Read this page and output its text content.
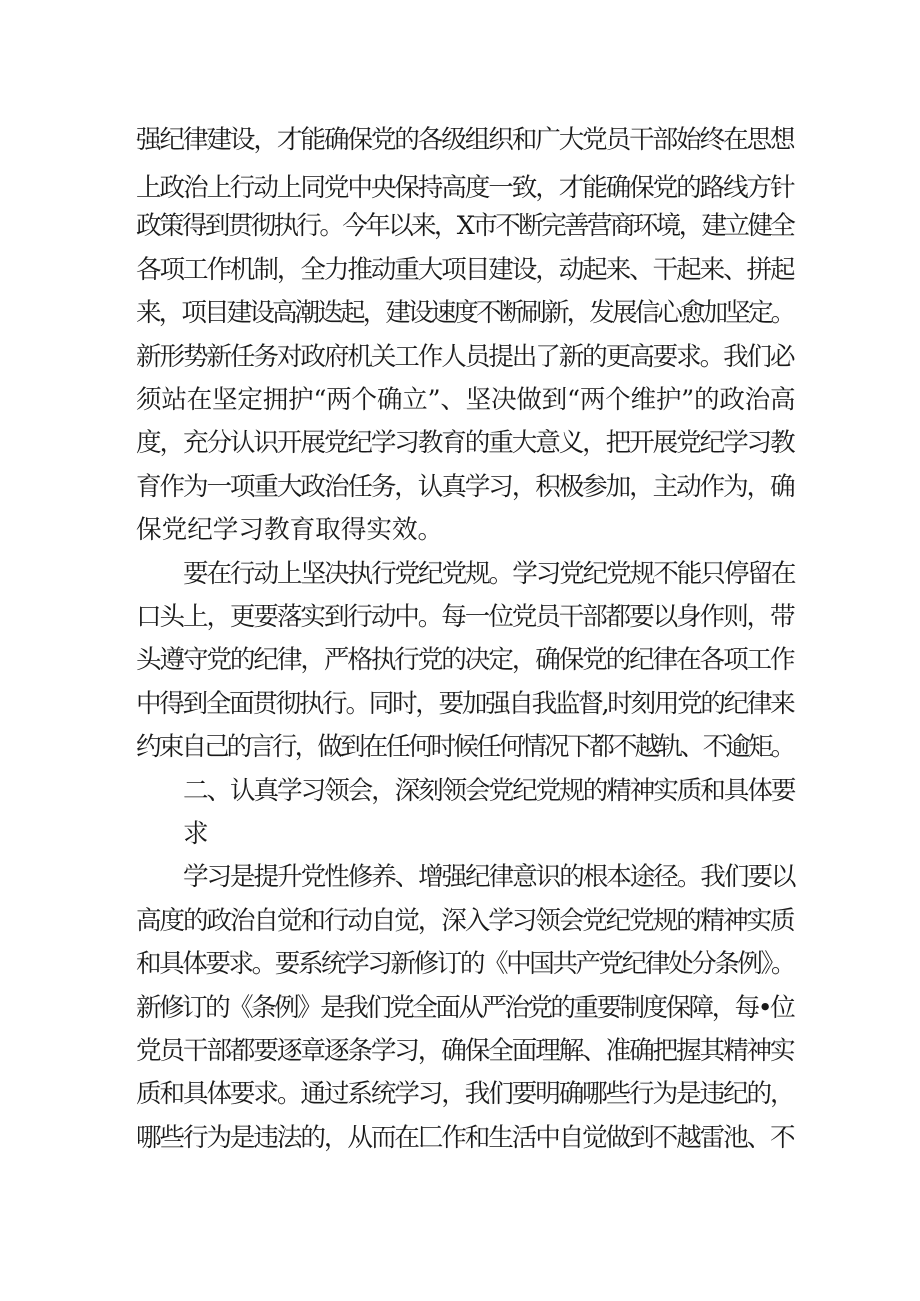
强纪律建设，才能确保党的各级组织和广大党员干部始终在思想
上政治上行动上同党中央保持高度一致，才能确保党的路线方针
政策得到贯彻执行。今年以来，X市不断完善营商环境，建立健全
各项工作机制，全力推动重大项目建设，动起来、干起来、拼起
来，项目建设高潮迭起，建设速度不断刷新，发展信心愈加坚定。
新形势新任务对政府机关工作人员提出了新的更高要求。我们必
须站在坚定拥护“两个确立”、坚决做到“两个维护”的政治高
度，充分认识开展党纪学习教育的重大意义，把开展党纪学习教
育作为一项重大政治任务，认真学习，积极参加，主动作为，确
保党纪学习教育取得实效。
要在行动上坚决执行党纪党规。学习党纪党规不能只停留在
口头上，更要落实到行动中。每一位党员干部都要以身作则，带
头遵守党的纪律，严格执行党的决定，确保党的纪律在各项工作
中得到全面贯彻执行。同时，要加强自我监督,时刻用党的纪律来
约束自己的言行，做到在任何时候任何情况下都不越轨、不逾矩。
二、认真学习领会，深刻领会党纪党规的精神实质和具体要
求
学习是提升党性修养、增强纪律意识的根本途径。我们要以
高度的政治自觉和行动自觉，深入学习领会党纪党规的精神实质
和具体要求。要系统学习新修订的《中国共产党纪律处分条例》。
新修订的《条例》是我们党全面从严治党的重要制度保障，每•位
党员干部都要逐章逐条学习，确保全面理解、准确把握其精神实
质和具体要求。通过系统学习，我们要明确哪些行为是违纪的，
哪些行为是违法的，从而在匚作和生活中自觉做到不越雷池、不
